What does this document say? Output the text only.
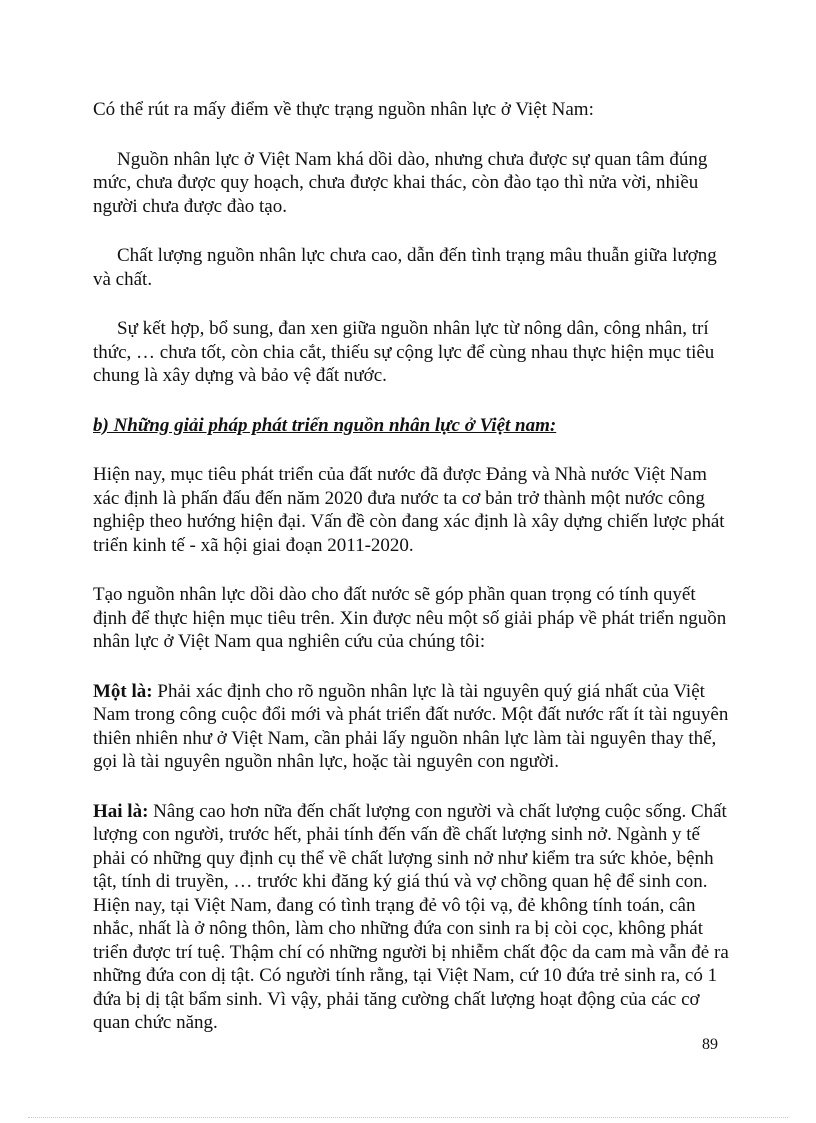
Có thể rút ra mấy điểm về thực trạng nguồn nhân lực ở Việt Nam:

Nguồn nhân lực ở Việt Nam khá dồi dào, nhưng chưa được sự quan tâm đúng mức, chưa được quy hoạch, chưa được khai thác, còn đào tạo thì nửa vời, nhiều người chưa được đào tạo.

Chất lượng nguồn nhân lực chưa cao, dẫn đến tình trạng mâu thuẫn giữa lượng và chất.

Sự kết hợp, bổ sung, đan xen giữa nguồn nhân lực từ nông dân, công nhân, trí thức, … chưa tốt, còn chia cắt, thiếu sự cộng lực để cùng nhau thực hiện mục tiêu chung là xây dựng và bảo vệ đất nước.

b) Những giải pháp phát triển nguồn nhân lực ở Việt nam:

Hiện nay, mục tiêu phát triển của đất nước đã được Đảng và Nhà nước Việt Nam xác định là phấn đấu đến năm 2020 đưa nước ta cơ bản trở thành một nước công nghiệp theo hướng hiện đại. Vấn đề còn đang xác định là xây dựng chiến lược phát triển kinh tế - xã hội giai đoạn 2011-2020.

Tạo nguồn nhân lực dồi dào cho đất nước sẽ góp phần quan trọng có tính quyết định để thực hiện mục tiêu trên. Xin được nêu một số giải pháp về phát triển nguồn nhân lực ở Việt Nam qua nghiên cứu của chúng tôi:

Một là: Phải xác định cho rõ nguồn nhân lực là tài nguyên quý giá nhất của Việt Nam trong công cuộc đổi mới và phát triển đất nước. Một đất nước rất ít tài nguyên thiên nhiên như ở Việt Nam, cần phải lấy nguồn nhân lực làm tài nguyên thay thế, gọi là tài nguyên nguồn nhân lực, hoặc tài nguyên con người.

Hai là: Nâng cao hơn nữa đến chất lượng con người và chất lượng cuộc sống. Chất lượng con người, trước hết, phải tính đến vấn đề chất lượng sinh nở. Ngành y tế phải có những quy định cụ thể về chất lượng sinh nở như kiểm tra sức khỏe, bệnh tật, tính di truyền, … trước khi đăng ký giá thú và vợ chồng quan hệ để sinh con. Hiện nay, tại Việt Nam, đang có tình trạng đẻ vô tội vạ, đẻ không tính toán, cân nhắc, nhất là ở nông thôn, làm cho những đứa con sinh ra bị còi cọc, không phát triển được trí tuệ. Thậm chí có những người bị nhiễm chất độc da cam mà vẫn đẻ ra những đứa con dị tật. Có người tính rằng, tại Việt Nam, cứ 10 đứa trẻ sinh ra, có 1 đứa bị dị tật bẩm sinh. Vì vậy, phải tăng cường chất lượng hoạt động của các cơ quan chức năng.

89
